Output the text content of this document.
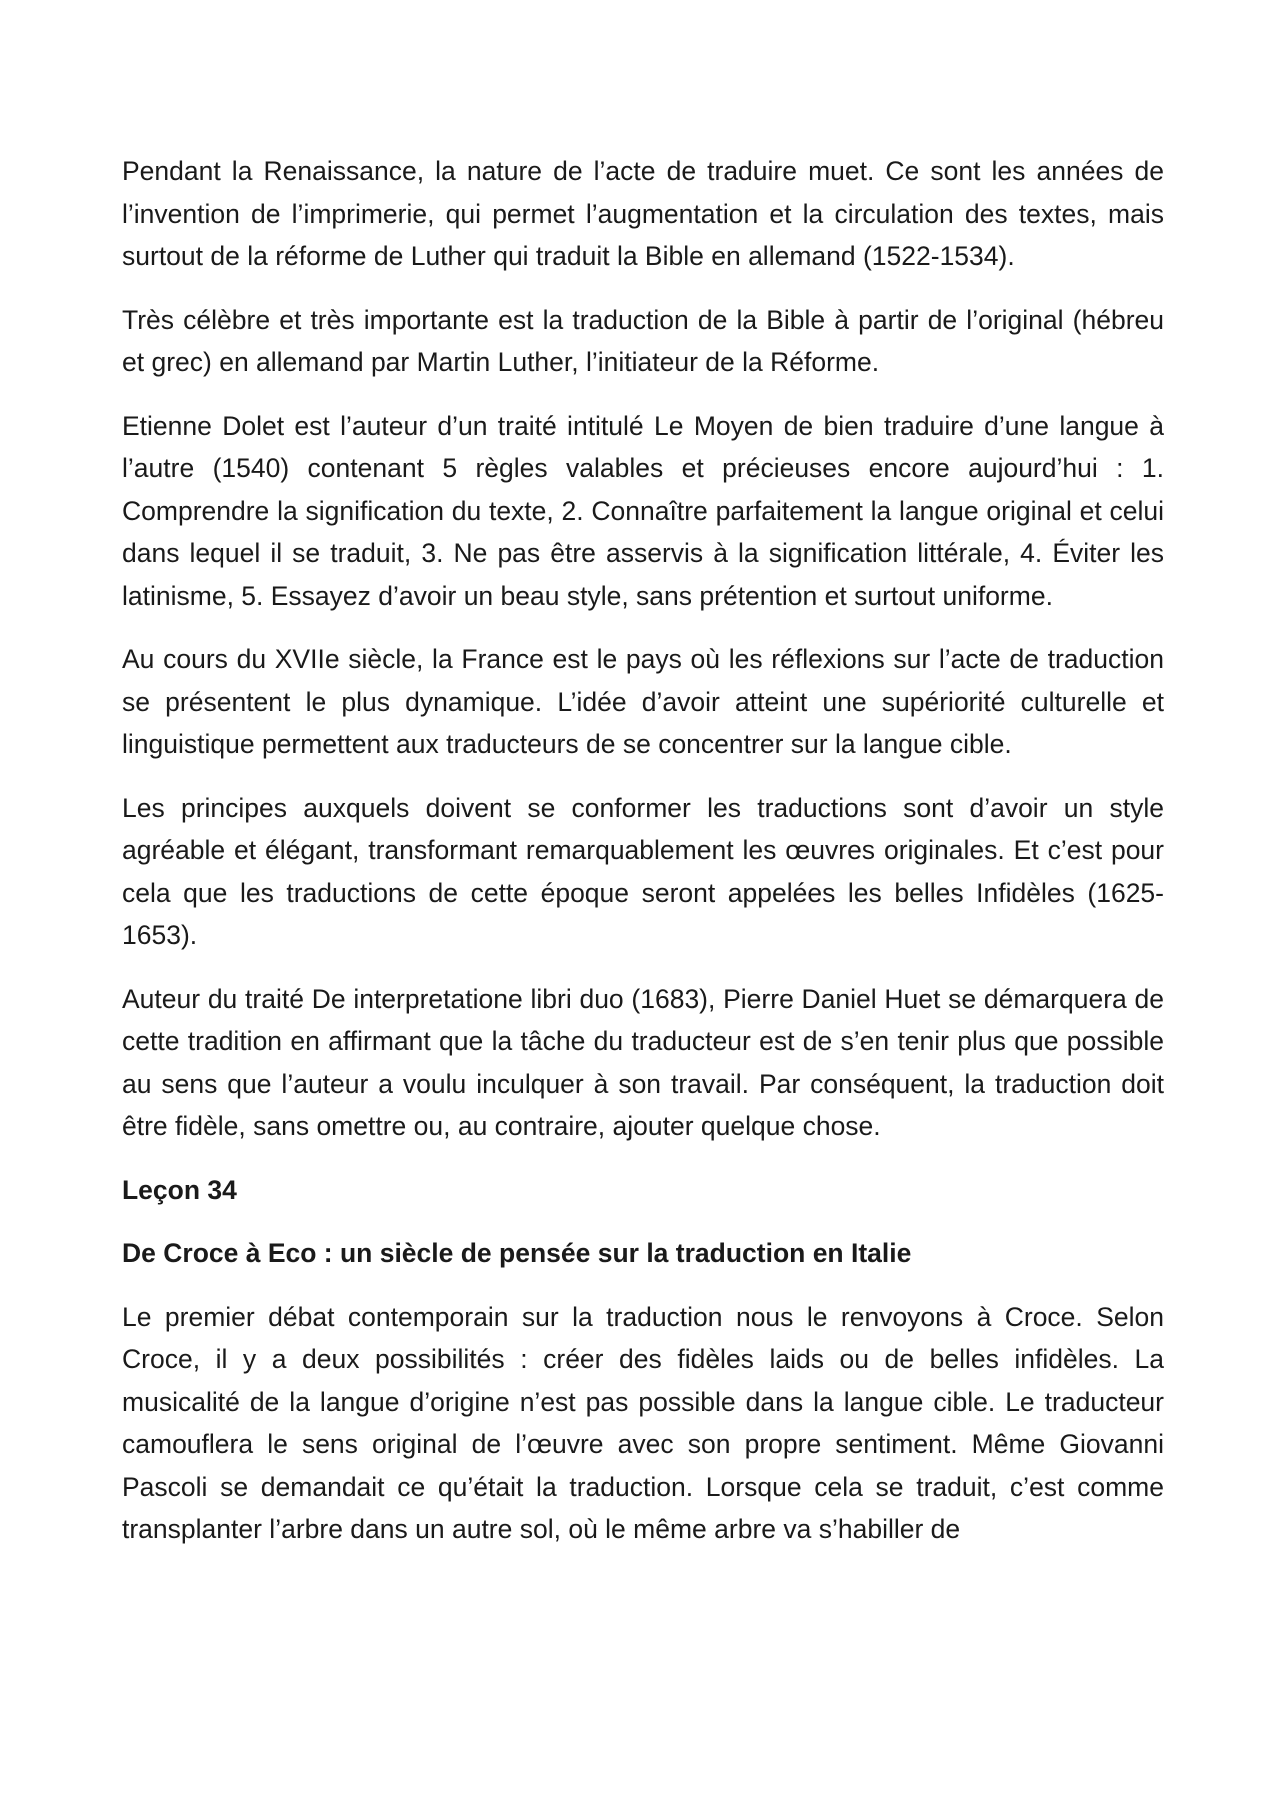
Pendant la Renaissance, la nature de l’acte de traduire muet. Ce sont les années de l’invention de l’imprimerie, qui permet l’augmentation et la circulation des textes, mais surtout de la réforme de Luther qui traduit la Bible en allemand (1522-1534).

Très célèbre et très importante est la traduction de la Bible à partir de l’original (hébreu et grec) en allemand par Martin Luther, l’initiateur de la Réforme.

Etienne Dolet est l’auteur d’un traité intitulé Le Moyen de bien traduire d’une langue à l’autre (1540) contenant 5 règles valables et précieuses encore aujourd’hui : 1. Comprendre la signification du texte, 2. Connaître parfaitement la langue original et celui dans lequel il se traduit, 3. Ne pas être asservis à la signification littérale, 4. Éviter les latinisme, 5. Essayez d’avoir un beau style, sans prétention et surtout uniforme.

Au cours du XVIIe siècle, la France est le pays où les réflexions sur l’acte de traduction se présentent le plus dynamique. L’idée d’avoir atteint une supériorité culturelle et linguistique permettent aux traducteurs de se concentrer sur la langue cible.

Les principes auxquels doivent se conformer les traductions sont d’avoir un style agréable et élégant, transformant remarquablement les œuvres originales. Et c’est pour cela que les traductions de cette époque seront appelées les belles Infidèles (1625-1653).

Auteur du traité De interpretatione libri duo (1683), Pierre Daniel Huet se démarquera de cette tradition en affirmant que la tâche du traducteur est de s’en tenir plus que possible au sens que l’auteur a voulu inculquer à son travail. Par conséquent, la traduction doit être fidèle, sans omettre ou, au contraire, ajouter quelque chose.

Leçon 34

De Croce à Eco : un siècle de pensée sur la traduction en Italie

Le premier débat contemporain sur la traduction nous le renvoyons à Croce. Selon Croce, il y a deux possibilités : créer des fidèles laids ou de belles infidèles. La musicalité de la langue d’origine n’est pas possible dans la langue cible. Le traducteur camouflera le sens original de l’œuvre avec son propre sentiment. Même Giovanni Pascoli se demandait ce qu’était la traduction. Lorsque cela se traduit, c’est comme transplanter l’arbre dans un autre sol, où le même arbre va s’habiller de
